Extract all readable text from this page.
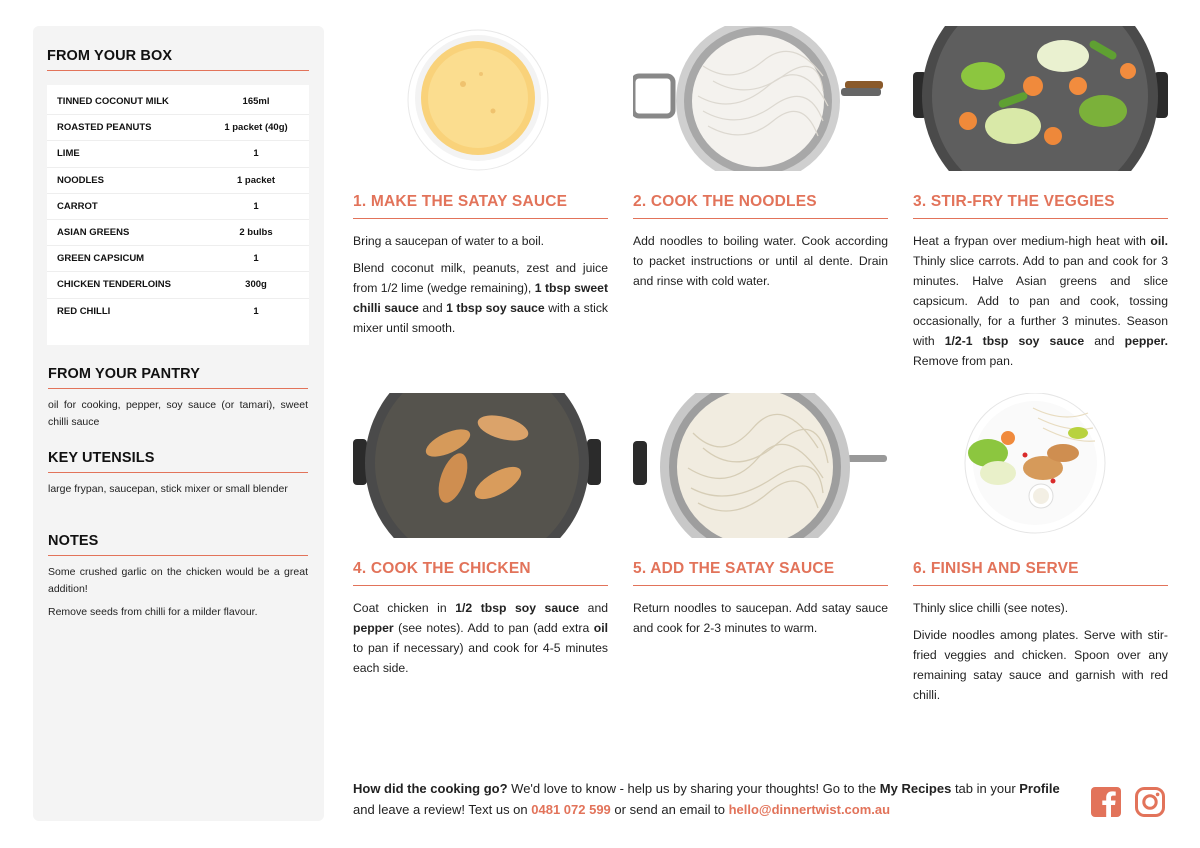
FROM YOUR BOX
TINNED COCONUT MILK	165ml
ROASTED PEANUTS	1 packet (40g)
LIME	1
NOODLES	1 packet
CARROT	1
ASIAN GREENS	2 bulbs
GREEN CAPSICUM	1
CHICKEN TENDERLOINS	300g
RED CHILLI	1
FROM YOUR PANTRY
oil for cooking, pepper, soy sauce (or tamari), sweet chilli sauce
KEY UTENSILS
large frypan, saucepan, stick mixer or small blender
NOTES
Some crushed garlic on the chicken would be a great addition!
Remove seeds from chilli for a milder flavour.
1. MAKE THE SATAY SAUCE
Bring a saucepan of water to a boil.
Blend coconut milk, peanuts, zest and juice from 1/2 lime (wedge remaining), 1 tbsp sweet chilli sauce and 1 tbsp soy sauce with a stick mixer until smooth.
2. COOK THE NOODLES
Add noodles to boiling water. Cook according to packet instructions or until al dente. Drain and rinse with cold water.
3. STIR-FRY THE VEGGIES
Heat a frypan over medium-high heat with oil. Thinly slice carrots. Add to pan and cook for 3 minutes. Halve Asian greens and slice capsicum. Add to pan and cook, tossing occasionally, for a further 3 minutes. Season with 1/2-1 tbsp soy sauce and pepper. Remove from pan.
4. COOK THE CHICKEN
Coat chicken in 1/2 tbsp soy sauce and pepper (see notes). Add to pan (add extra oil to pan if necessary) and cook for 4-5 minutes each side.
5. ADD THE SATAY SAUCE
Return noodles to saucepan. Add satay sauce and cook for 2-3 minutes to warm.
6. FINISH AND SERVE
Thinly slice chilli (see notes).
Divide noodles among plates. Serve with stir-fried veggies and chicken. Spoon over any remaining satay sauce and garnish with red chilli.
How did the cooking go? We'd love to know - help us by sharing your thoughts! Go to the My Recipes tab in your Profile and leave a review! Text us on 0481 072 599 or send an email to hello@dinnertwist.com.au
